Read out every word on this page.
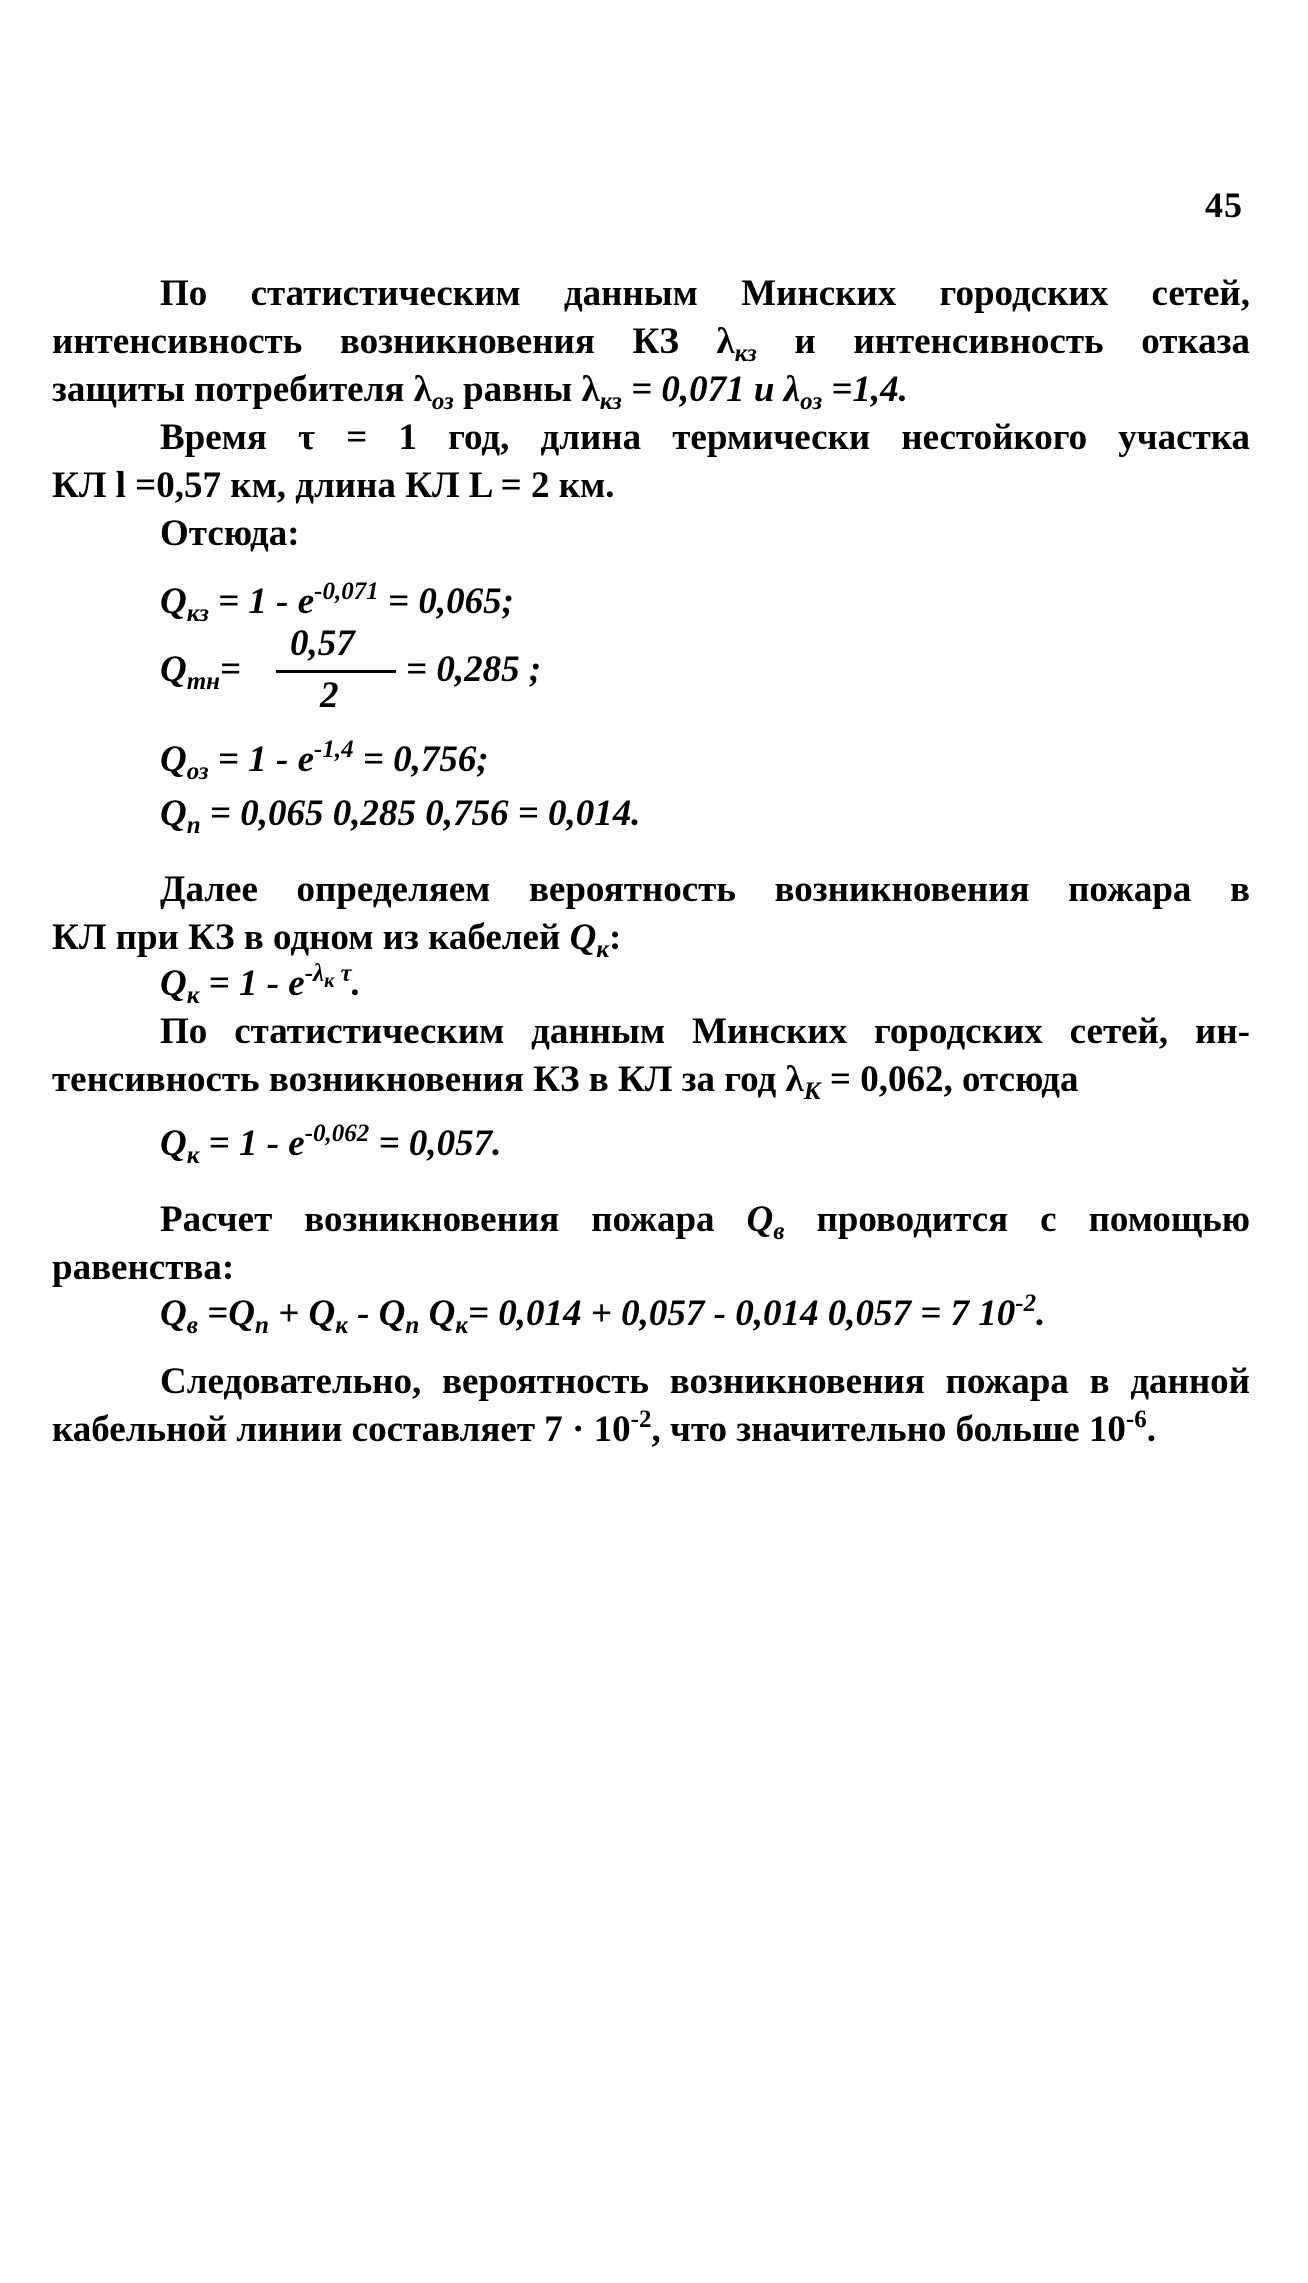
45
По статистическим данным Минских городских сетей,
интенсивность возникновения КЗ $\lambda_{кз}$ и интенсивность отказа
защиты потребителя $\lambda_{оз}$ равны $\lambda_{кз} = 0,071$ и $\lambda_{оз} =1,4$.
Время τ = 1 год, длина термически нестойкого участка
КЛ l =0,57 км, длина КЛ L = 2 км.
Отсюда:
$Q_{кз} = 1 - e^{-0,071} = 0,065$;
$Q_{тн}=$
0,57
2
= 0,285 ;
$Q_{оз} = 1 - e^{-1,4} = 0,756$;
$Q_п = 0,065$ 0,285 0,756 = 0,014.
Далее определяем вероятность возникновения пожара в
КЛ при КЗ в одном из кабелей $Q_к$:
$Q_к = 1 - e^{-\lambda_к \tau}$.
По статистическим данным Минских городских сетей, ин-
тенсивность возникновения КЗ в КЛ за год $\lambda_К = 0,062$, отсюда
$Q_к = 1 - e^{-0,062} = 0,057$.
Расчет возникновения пожара $Q_в$ проводится с помощью
равенства:
$Q_в =Q_п + Q_к - Q_п$ $Q_к= 0,014 + 0,057 - 0,014$ 0,057 = 7 $10^{-2}$.
Следовательно, вероятность возникновения пожара в данной
кабельной линии составляет $7 \cdot 10^{-2}$, что значительно больше $10^{-6}$.
